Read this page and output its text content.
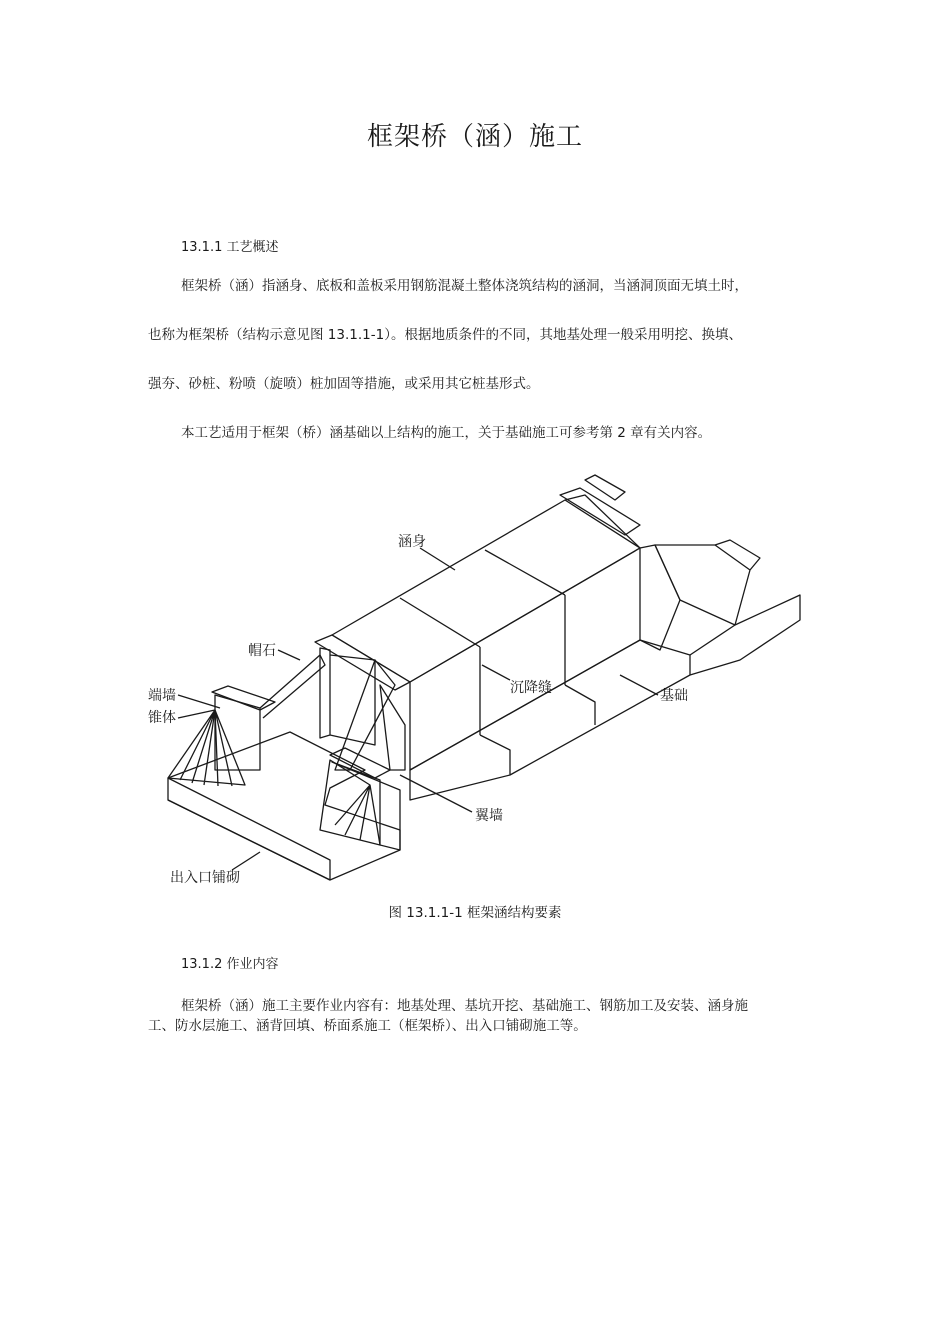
框架桥（涵）施工
13.1.1 工艺概述
框架桥（涵）指涵身、底板和盖板采用钢筋混凝土整体浇筑结构的涵洞，当涵洞顶面无填土时，
也称为框架桥（结构示意见图 13.1.1-1）。根据地质条件的不同，其地基处理一般采用明挖、换填、
强夯、砂桩、粉喷（旋喷）桩加固等措施，或采用其它桩基形式。
本工艺适用于框架（桥）涵基础以上结构的施工，关于基础施工可参考第 2 章有关内容。
涵身
帽石
端墙
锥体
沉降缝	基础
翼墙
出入口铺砌
图 13.1.1-1 框架涵结构要素
13.1.2 作业内容
框架桥（涵）施工主要作业内容有：地基处理、基坑开挖、基础施工、钢筋加工及安装、涵身施
工、防水层施工、涵背回填、桥面系施工（框架桥）、出入口铺砌施工等。
